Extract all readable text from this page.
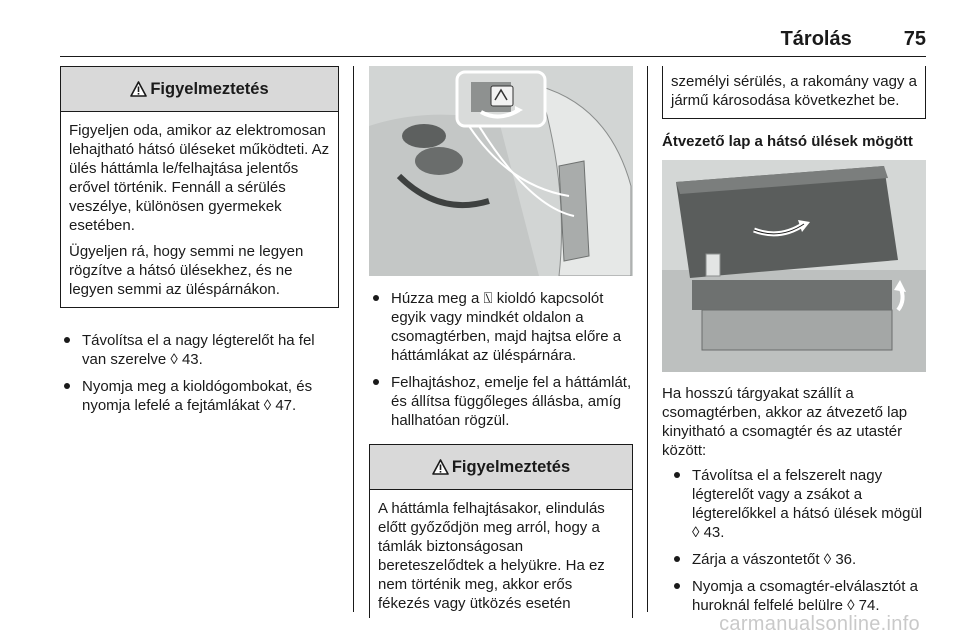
Tárolás	75
Figyelmeztetés

Figyeljen oda, amikor az elektromosan lehajtható hátsó üléseket működteti. Az ülés háttámla le/felhajtása jelentős erővel történik. Fennáll a sérülés veszélye, különösen gyermekek esetében.

Ügyeljen rá, hogy semmi ne legyen rögzítve a hátsó ülésekhez, és ne legyen semmi az üléspárnákon.

Távolítsa el a nagy légterelőt ha fel van szerelve ◊ 43.
Nyomja meg a kioldógombokat, és nyomja lefelé a fejtámlákat ◊ 47.
Húzza meg a ⍂ kioldó kapcsolót egyik vagy mindkét oldalon a csomagtérben, majd hajtsa előre a háttámlákat az üléspárnára.
Felhajtáshoz, emelje fel a háttámlát, és állítsa függőleges állásba, amíg hallhatóan rögzül.
Figyelmeztetés

A háttámla felhajtásakor, elindulás előtt győződjön meg arról, hogy a támlák biztonságosan bereteszelődtek a helyükre. Ha ez nem történik meg, akkor erős fékezés vagy ütközés esetén

személyi sérülés, a rakomány vagy a jármű károsodása következhet be.

Átvezető lap a hátsó ülések mögött

Ha hosszú tárgyakat szállít a csomagtérben, akkor az átvezető lap kinyitható a csomagtér és az utastér között:

Távolítsa el a felszerelt nagy légterelőt vagy a zsákot a légterelőkkel a hátsó ülések mögül ◊ 43.
Zárja a vászontetőt ◊ 36.
Nyomja a csomagtér-elválasztót a huroknál felfelé belülre ◊ 74.
carmanualsonline.info
